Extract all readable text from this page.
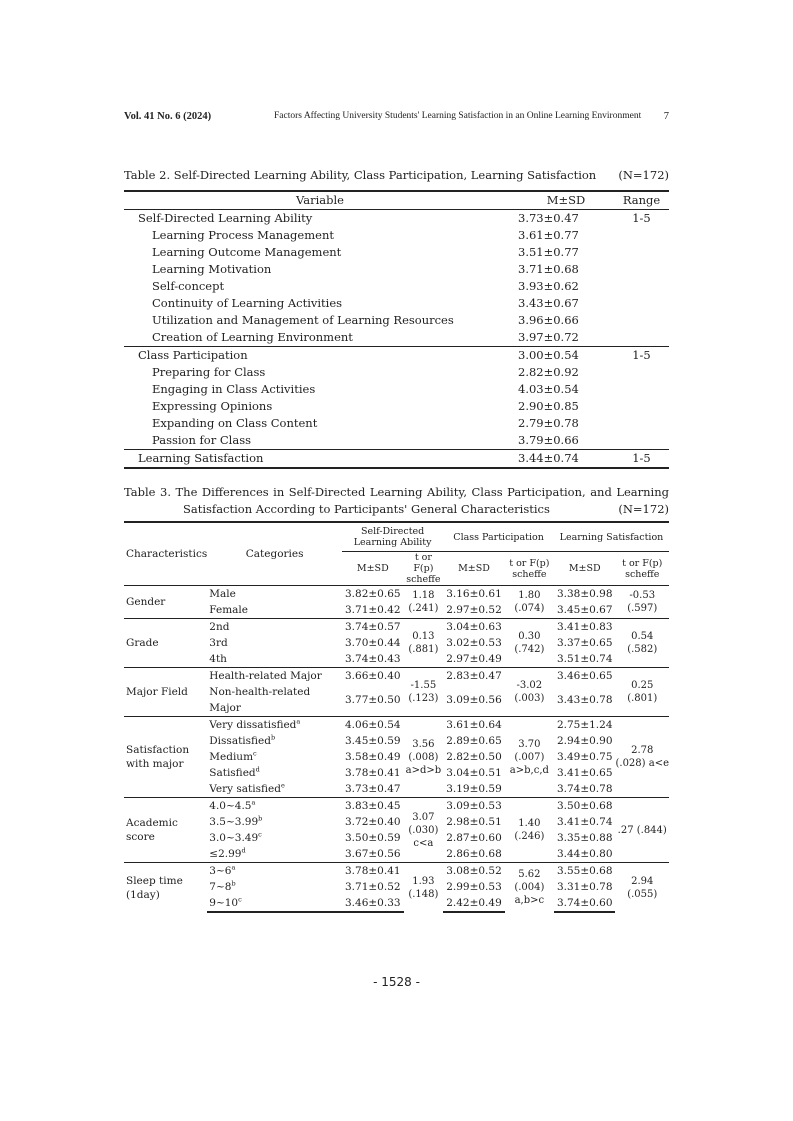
Vol. 41 No. 6 (2024)	Factors Affecting University Students' Learning Satisfaction in an Online Learning Environment 7
Table 2. Self-Directed Learning Ability, Class Participation, Learning Satisfaction (N=172)
Variable	M±SD	Range
Self-Directed Learning Ability	3.73±0.47	1-5
Learning Process Management	3.61±0.77	
Learning Outcome Management	3.51±0.77	
Learning Motivation	3.71±0.68	
Self-concept	3.93±0.62	
Continuity of Learning Activities	3.43±0.67	
Utilization and Management of Learning Resources	3.96±0.66	
Creation of Learning Environment	3.97±0.72	
Class Participation	3.00±0.54	1-5
Preparing for Class	2.82±0.92	
Engaging in Class Activities	4.03±0.54	
Expressing Opinions	2.90±0.85	
Expanding on Class Content	2.79±0.78	
Passion for Class	3.79±0.66	
Learning Satisfaction	3.44±0.74	1-5
Table 3. The Differences in Self-Directed Learning Ability, Class Participation, and Learning
Satisfaction According to Participants' General Characteristics	(N=172)
Characteristics	Categories	Self-Directed Learning Ability		Class Participation		Learning Satisfaction	
		M±SD	t or F(p) scheffe	M±SD	t or F(p) scheffe	M±SD	t or F(p) scheffe
Gender	Male	3.82±0.65	1.18 (.241)	3.16±0.61	1.80 (.074)	3.38±0.98	-0.53 (.597)
	Female	3.71±0.42		2.97±0.52		3.45±0.67	
Grade	2nd	3.74±0.57	0.13 (.881)	3.04±0.63	0.30 (.742)	3.41±0.83	0.54 (.582)
	3rd	3.70±0.44		3.02±0.53		3.37±0.65	
	4th	3.74±0.43		2.97±0.49		3.51±0.74	
Major Field	Health-related Major	3.66±0.40	-1.55 (.123)	2.83±0.47	-3.02 (.003)	3.46±0.65	0.25 (.801)
	Non-health-related Major	3.77±0.50		3.09±0.56		3.43±0.78	
Satisfaction with major	Very dissatisfied$^a$	4.06±0.54	3.56 (.008) a>d>b	3.61±0.64	3.70 (.007) a>b,c,d	2.75±1.24	2.78 (.028) a<e
	Dissatisfied$^b$	3.45±0.59		2.89±0.65		2.94±0.90	
	Medium$^c$	3.58±0.49		2.82±0.50		3.49±0.75	
	Satisfied$^d$	3.78±0.41		3.04±0.51		3.41±0.65	
	Very satisfied$^e$	3.73±0.47		3.19±0.59		3.74±0.78	
Academic score	4.0~4.5$^a$	3.83±0.45	3.07 (.030) c<a	3.09±0.53	1.40 (.246)	3.50±0.68	.27 (.844)
	3.5~3.99$^b$	3.72±0.40		2.98±0.51		3.41±0.74	
	3.0~3.49$^c$	3.50±0.59		2.87±0.60		3.35±0.88	
	≤2.99$^d$	3.67±0.56		2.86±0.68		3.44±0.80	
Sleep time (1day)	3~6$^a$	3.78±0.41	1.93 (.148)	3.08±0.52	5.62 (.004) a,b>c	3.55±0.68	2.94 (.055)
	7~8$^b$	3.71±0.52		2.99±0.53		3.31±0.78	
	9~10$^c$	3.46±0.33		2.42±0.49		3.74±0.60	
- 1528 -
